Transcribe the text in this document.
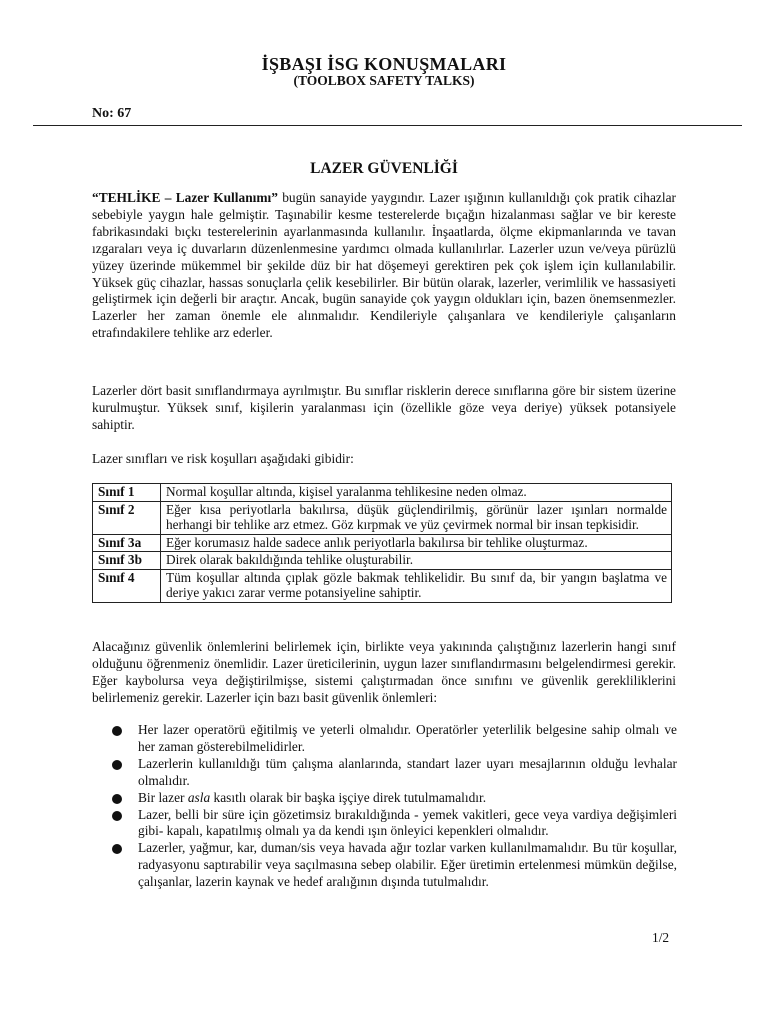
İŞBAŞI İSG KONUŞMALARI
(TOOLBOX SAFETY TALKS)
No: 67
LAZER GÜVENLİĞİ

“TEHLİKE – Lazer Kullanımı” bugün sanayide yaygındır. Lazer ışığının kullanıldığı çok pratik cihazlar sebebiyle yaygın hale gelmiştir. Taşınabilir kesme testerelerde bıçağın hizalanması sağlar ve bir kereste fabrikasındaki bıçkı testerelerinin ayarlanmasında kullanılır. İnşaatlarda, ölçme ekipmanlarında ve tavan ızgaraları veya iç duvarların düzenlenmesine yardımcı olmada kullanılırlar. Lazerler uzun ve/veya pürüzlü yüzey üzerinde mükemmel bir şekilde düz bir hat döşemeyi gerektiren pek çok işlem için kullanılabilir. Yüksek güç cihazlar, hassas sonuçlarla çelik kesebilirler. Bir bütün olarak, lazerler, verimlilik ve hassasiyeti geliştirmek için değerli bir araçtır. Ancak, bugün sanayide çok yaygın oldukları için, bazen önemsenmezler. Lazerler her zaman önemle ele alınmalıdır. Kendileriyle çalışanlara ve kendileriyle çalışanların etrafındakilere tehlike arz ederler.

Lazerler dört basit sınıflandırmaya ayrılmıştır. Bu sınıflar risklerin derece sınıflarına göre bir sistem üzerine kurulmuştur. Yüksek sınıf, kişilerin yaralanması için (özellikle göze veya deriye) yüksek potansiyele sahiptir.

Lazer sınıfları ve risk koşulları aşağıdaki gibidir:

Sınıf 1	Normal koşullar altında, kişisel yaralanma tehlikesine neden olmaz.
Sınıf 2	Eğer kısa periyotlarla bakılırsa, düşük güçlendirilmiş, görünür lazer ışınları normalde herhangi bir tehlike arz etmez. Göz kırpmak ve yüz çevirmek normal bir insan tepkisidir.
Sınıf 3a	Eğer korumasız halde sadece anlık periyotlarla bakılırsa bir tehlike oluşturmaz.
Sınıf 3b	Direk olarak bakıldığında tehlike oluşturabilir.
Sınıf 4	Tüm koşullar altında çıplak gözle bakmak tehlikelidir. Bu sınıf da, bir yangın başlatma ve deriye yakıcı zarar verme potansiyeline sahiptir.

Alacağınız güvenlik önlemlerini belirlemek için, birlikte veya yakınında çalıştığınız lazerlerin hangi sınıf olduğunu öğrenmeniz önemlidir. Lazer üreticilerinin, uygun lazer sınıflandırmasını belgelendirmesi gerekir. Eğer kaybolursa veya değiştirilmişse, sistemi çalıştırmadan önce sınıfını ve güvenlik gerekliliklerini belirlemeniz gerekir. Lazerler için bazı basit güvenlik önlemleri:

Her lazer operatörü eğitilmiş ve yeterli olmalıdır. Operatörler yeterlilik belgesine sahip olmalı ve her zaman gösterebilmelidirler.
Lazerlerin kullanıldığı tüm çalışma alanlarında, standart lazer uyarı mesajlarının olduğu levhalar olmalıdır.
Bir lazer asla kasıtlı olarak bir başka işçiye direk tutulmamalıdır.
Lazer, belli bir süre için gözetimsiz bırakıldığında - yemek vakitleri, gece veya vardiya değişimleri gibi- kapalı, kapatılmış olmalı ya da kendi ışın önleyici kepenkleri olmalıdır.
Lazerler, yağmur, kar, duman/sis veya havada ağır tozlar varken kullanılmamalıdır. Bu tür koşullar, radyasyonu saptırabilir veya saçılmasına sebep olabilir. Eğer üretimin ertelenmesi mümkün değilse, çalışanlar, lazerin kaynak ve hedef aralığının dışında tutulmalıdır.
1/2
